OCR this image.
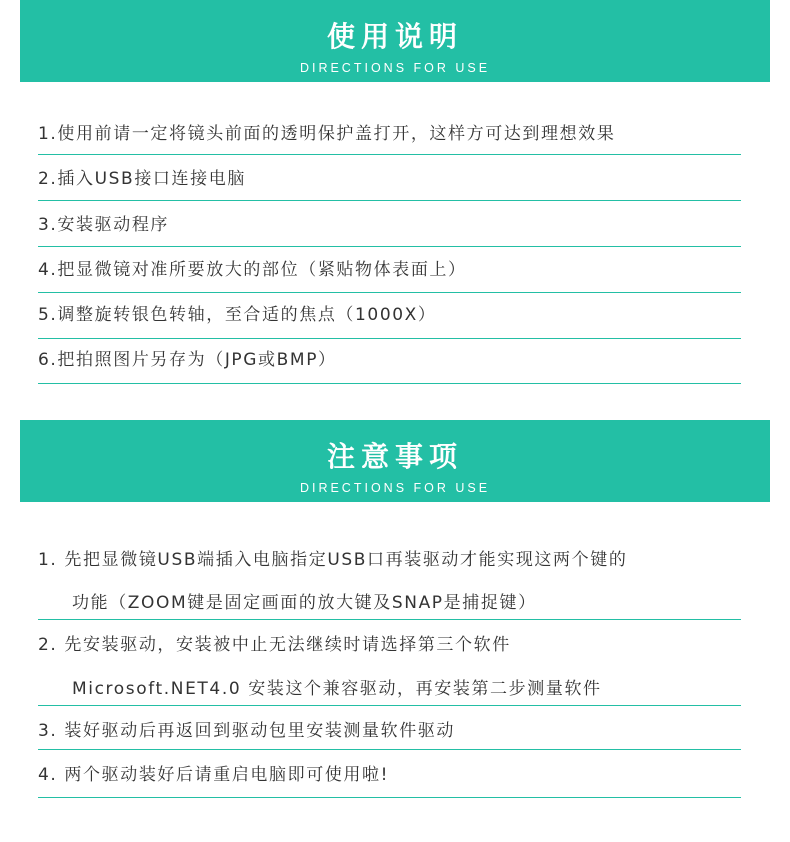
使用说明
DIRECTIONS FOR USE
1.使用前请一定将镜头前面的透明保护盖打开，这样方可达到理想效果
2.插入USB接口连接电脑
3.安装驱动程序
4.把显微镜对准所要放大的部位（紧贴物体表面上）
5.调整旋转银色转轴，至合适的焦点（1000X）
6.把拍照图片另存为（JPG或BMP）
注意事项
DIRECTIONS FOR USE
1. 先把显微镜USB端插入电脑指定USB口再装驱动才能实现这两个键的
功能（ZOOM键是固定画面的放大键及SNAP是捕捉键）
2. 先安装驱动，安装被中止无法继续时请选择第三个软件
Microsoft.NET4.0 安装这个兼容驱动，再安装第二步测量软件
3. 装好驱动后再返回到驱动包里安装测量软件驱动
4. 两个驱动装好后请重启电脑即可使用啦!
